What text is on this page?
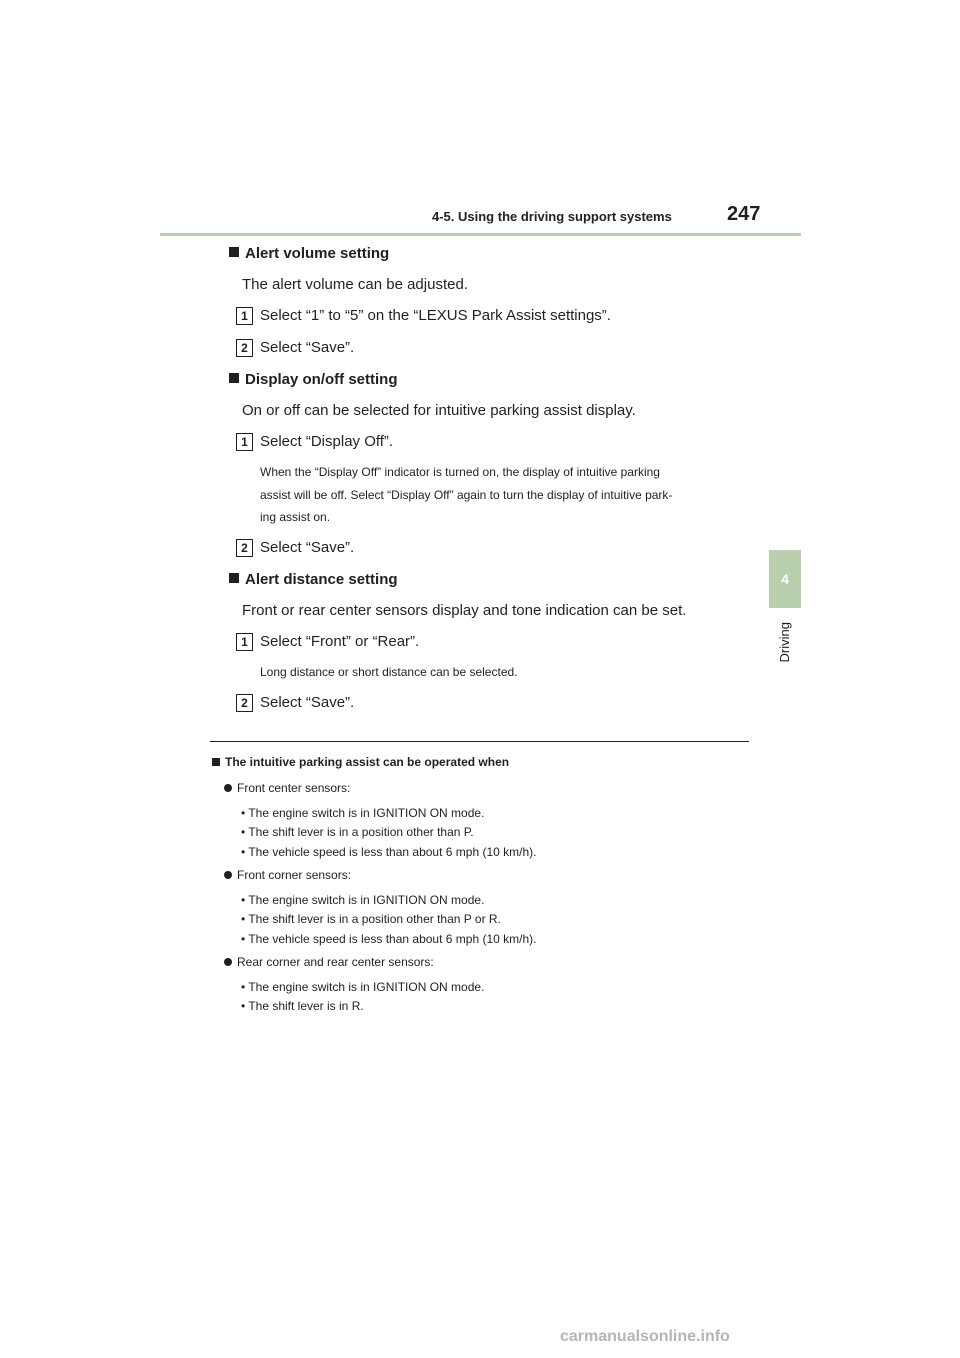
4-5. Using the driving support systems	247
4
Driving
Alert volume setting
The alert volume can be adjusted.
1 Select “1” to “5” on the “LEXUS Park Assist settings”.
2 Select “Save”.
Display on/off setting
On or off can be selected for intuitive parking assist display.
1 Select “Display Off”.
When the “Display Off” indicator is turned on, the display of intuitive parking
assist will be off. Select “Display Off” again to turn the display of intuitive park-
ing assist on.
2 Select “Save”.
Alert distance setting
Front or rear center sensors display and tone indication can be set.
1 Select “Front” or “Rear”.
Long distance or short distance can be selected.
2 Select “Save”.
The intuitive parking assist can be operated when
Front center sensors:
• The engine switch is in IGNITION ON mode.
• The shift lever is in a position other than P.
• The vehicle speed is less than about 6 mph (10 km/h).
Front corner sensors:
• The engine switch is in IGNITION ON mode.
• The shift lever is in a position other than P or R.
• The vehicle speed is less than about 6 mph (10 km/h).
Rear corner and rear center sensors:
• The engine switch is in IGNITION ON mode.
• The shift lever is in R.
carmanualsonline.info
